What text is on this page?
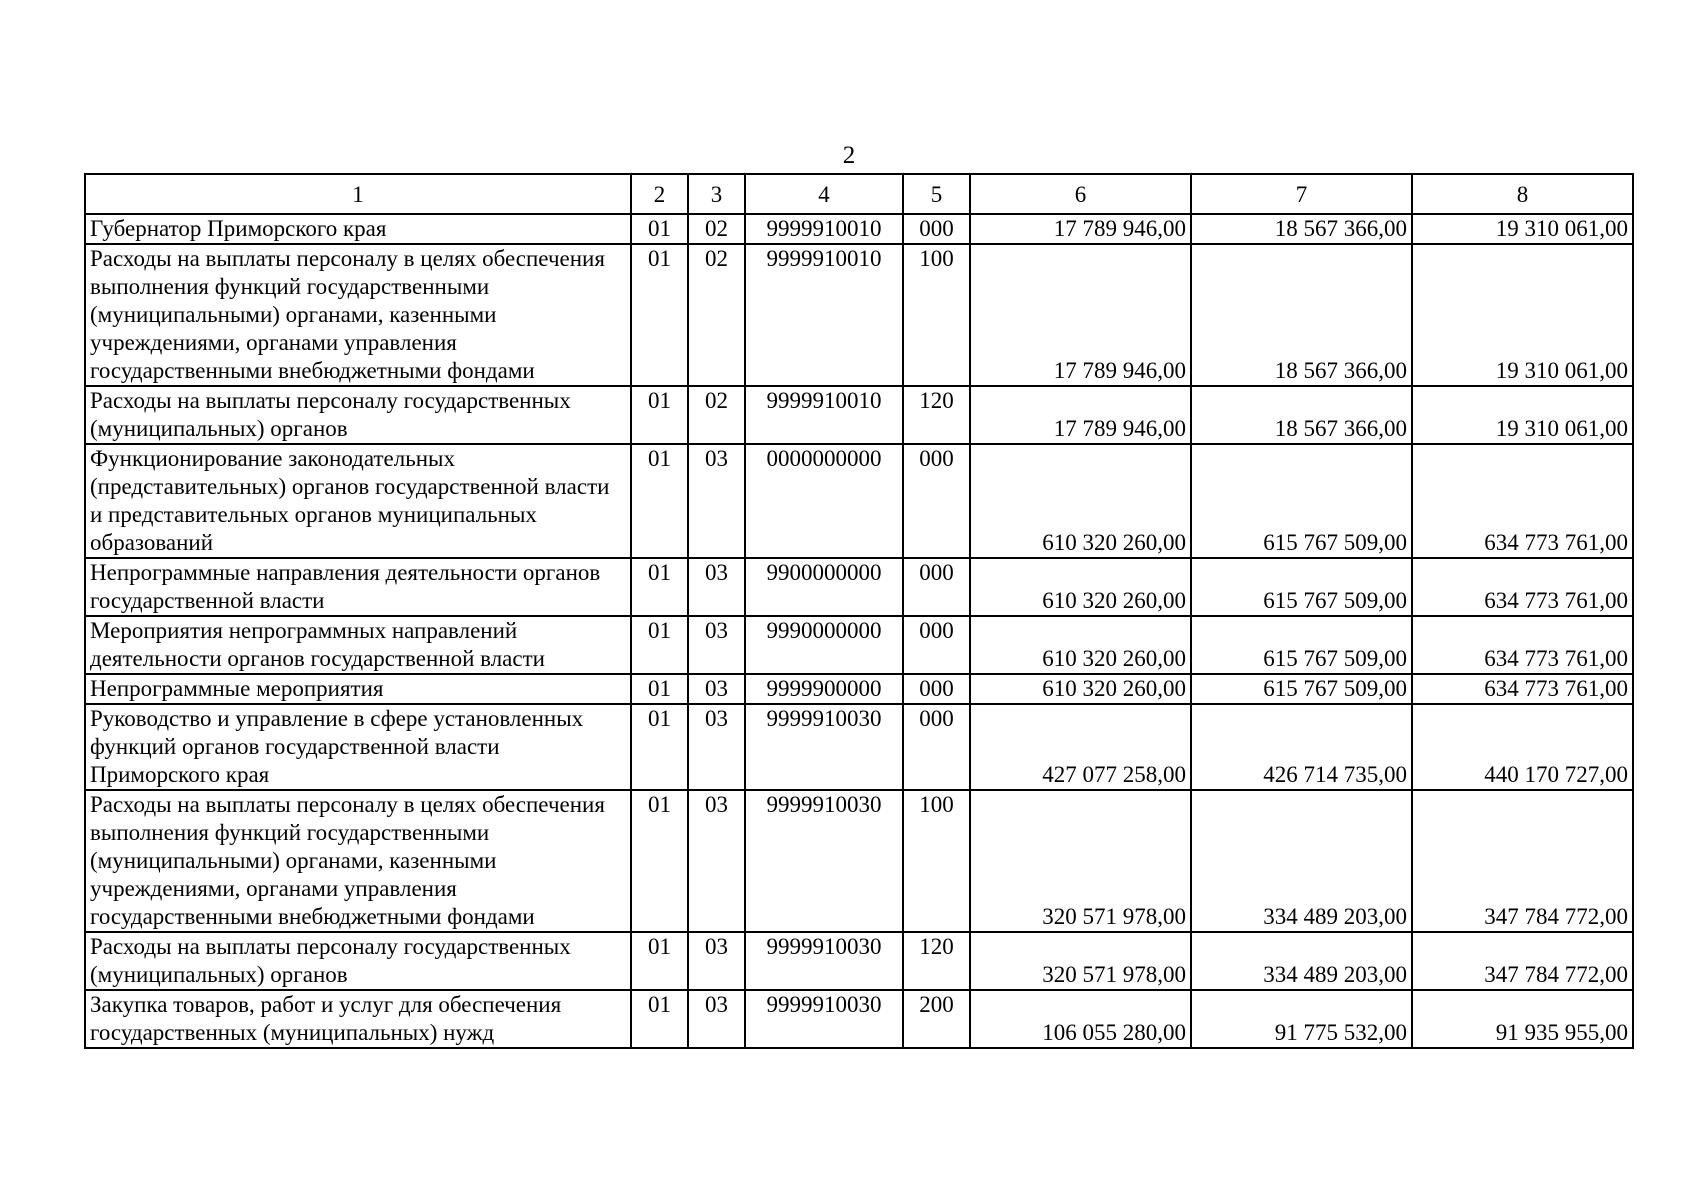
2
1	2	3	4	5	6	7	8
Губернатор Приморского края	01	02	9999910010	000	17 789 946,00	18 567 366,00	19 310 061,00

Расходы на выплаты персоналу в целях обеспечения выполнения функций государственными (муниципальными) органами, казенными учреждениями, органами управления государственными внебюджетными фондами	01	02	9999910010	100	17 789 946,00	18 567 366,00	19 310 061,00

Расходы на выплаты персоналу государственных (муниципальных) органов	01	02	9999910010	120	17 789 946,00	18 567 366,00	19 310 061,00

Функционирование законодательных (представительных) органов государственной власти и представительных органов муниципальных образований	01	03	0000000000	000	610 320 260,00	615 767 509,00	634 773 761,00

Непрограммные направления деятельности органов государственной власти	01	03	9900000000	000	610 320 260,00	615 767 509,00	634 773 761,00

Мероприятия непрограммных направлений деятельности органов государственной власти	01	03	9990000000	000	610 320 260,00	615 767 509,00	634 773 761,00

Непрограммные мероприятия	01	03	9999900000	000	610 320 260,00	615 767 509,00	634 773 761,00

Руководство и управление в сфере установленных функций органов государственной власти Приморского края	01	03	9999910030	000	427 077 258,00	426 714 735,00	440 170 727,00

Расходы на выплаты персоналу в целях обеспечения выполнения функций государственными (муниципальными) органами, казенными учреждениями, органами управления государственными внебюджетными фондами	01	03	9999910030	100	320 571 978,00	334 489 203,00	347 784 772,00

Расходы на выплаты персоналу государственных (муниципальных) органов	01	03	9999910030	120	320 571 978,00	334 489 203,00	347 784 772,00

Закупка товаров, работ и услуг для обеспечения государственных (муниципальных) нужд	01	03	9999910030	200	106 055 280,00	91 775 532,00	91 935 955,00
